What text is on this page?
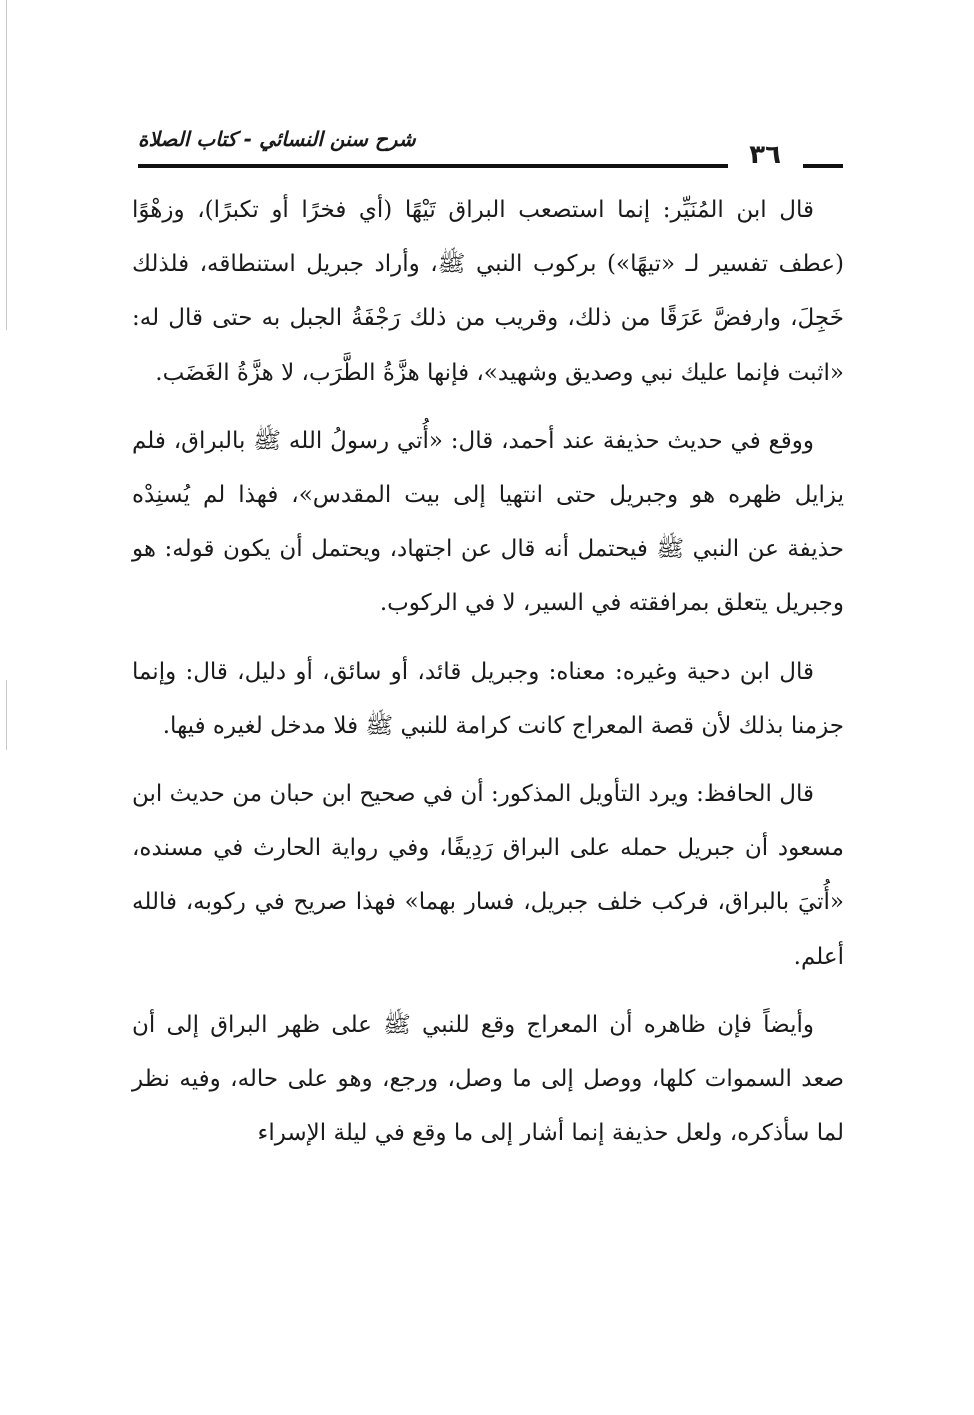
شرح سنن النسائي - كتاب الصلاة
٣٦

قال ابن المُنَيِّر: إنما استصعب البراق تَيْهًا (أي فخرًا أو تكبرًا)، وزهْوًا (عطف تفسير لـ «تيهًا») بركوب النبي ﷺ، وأراد جبريل استنطاقه، فلذلك خَجِلَ، وارفضَّ عَرَقًا من ذلك، وقريب من ذلك رَجْفَةُ الجبل به حتى قال له: «اثبت فإنما عليك نبي وصديق وشهيد»، فإنها هزَّةُ الطَّرَب، لا هزَّةُ الغَضَب.

ووقع في حديث حذيفة عند أحمد، قال: «أُتي رسولُ الله ﷺ بالبراق، فلم يزايل ظهره هو وجبريل حتى انتهيا إلى بيت المقدس»، فهذا لم يُسنِدْه حذيفة عن النبي ﷺ فيحتمل أنه قال عن اجتهاد، ويحتمل أن يكون قوله: هو وجبريل يتعلق بمرافقته في السير، لا في الركوب.

قال ابن دحية وغيره: معناه: وجبريل قائد، أو سائق، أو دليل، قال: وإنما جزمنا بذلك لأن قصة المعراج كانت كرامة للنبي ﷺ فلا مدخل لغيره فيها.

قال الحافظ: ويرد التأويل المذكور: أن في صحيح ابن حبان من حديث ابن مسعود أن جبريل حمله على البراق رَدِيفًا، وفي رواية الحارث في مسنده، «أُتيَ بالبراق، فركب خلف جبريل، فسار بهما» فهذا صريح في ركوبه، فالله أعلم.

وأيضاً فإن ظاهره أن المعراج وقع للنبي ﷺ على ظهر البراق إلى أن صعد السموات كلها، ووصل إلى ما وصل، ورجع، وهو على حاله، وفيه نظر لما سأذكره، ولعل حذيفة إنما أشار إلى ما وقع في ليلة الإسراء
